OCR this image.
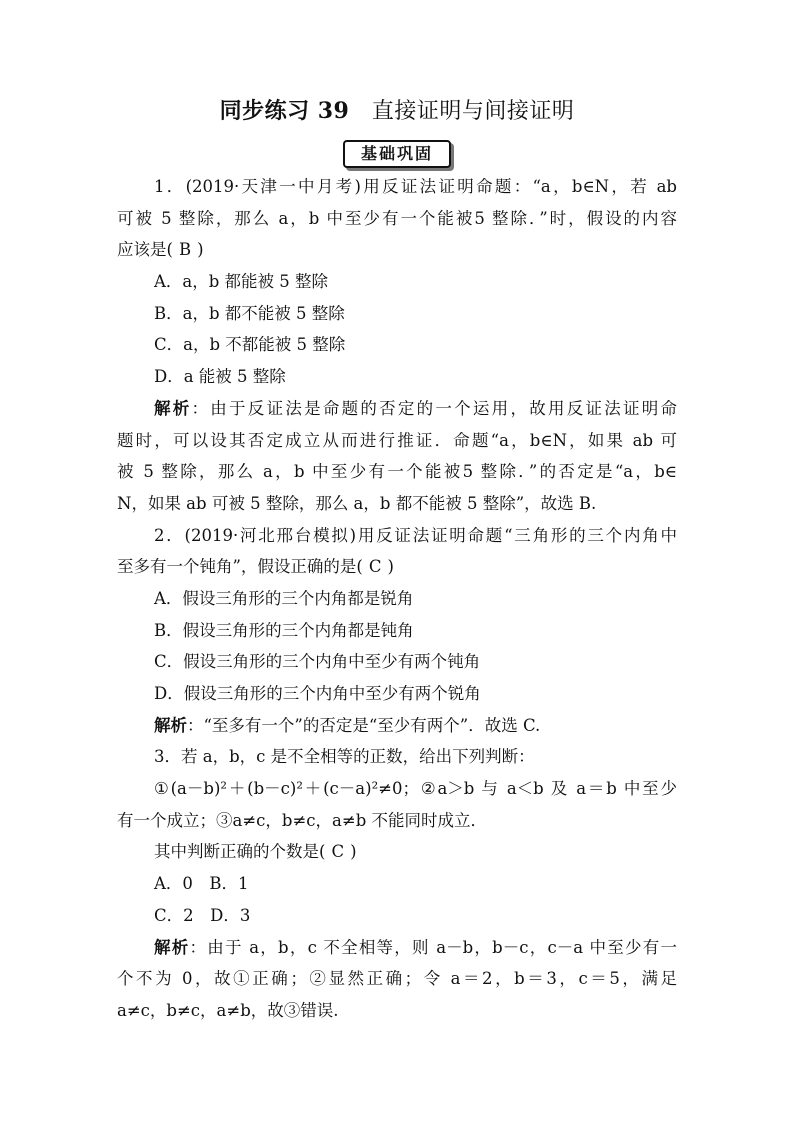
同步练习 39　 直接证明与间接证明
基础巩固
1．(2019·天津一中月考)用反证法证明命题：“a，b∈N，若 ab
可被 5 整除，那么 a，b 中至少有一个能被5 整除．”时，假设的内容
应该是( B )
A．a，b 都能被 5 整除
B．a，b 都不能被 5 整除
C．a，b 不都能被 5 整除
D．a 能被 5 整除
解析：由于反证法是命题的否定的一个运用，故用反证法证明命
题时，可以设其否定成立从而进行推证．命题“a，b∈N，如果 ab 可
被 5 整除，那么 a，b 中至少有一个能被5 整除．”的否定是“a，b∈
N，如果 ab 可被 5 整除，那么 a，b 都不能被 5 整除”，故选 B.
2．(2019·河北邢台模拟)用反证法证明命题“三角形的三个内角中
至多有一个钝角”，假设正确的是( C )
A．假设三角形的三个内角都是锐角
B．假设三角形的三个内角都是钝角
C．假设三角形的三个内角中至少有两个钝角
D．假设三角形的三个内角中至少有两个锐角
解析：“至多有一个”的否定是“至少有两个”．故选 C.
3．若 a，b，c 是不全相等的正数，给出下列判断：
①(a－b)²＋(b－c)²＋(c－a)²≠0；②a＞b 与 a＜b 及 a＝b 中至少
有一个成立；③a≠c，b≠c，a≠b 不能同时成立．
其中判断正确的个数是( C )
A．0　B．1
C．2　D．3
解析：由于 a，b，c 不全相等，则 a－b，b－c，c－a 中至少有一
个不为 0，故①正确；②显然正确；令 a＝2，b＝3，c＝5，满足
a≠c，b≠c，a≠b，故③错误.
